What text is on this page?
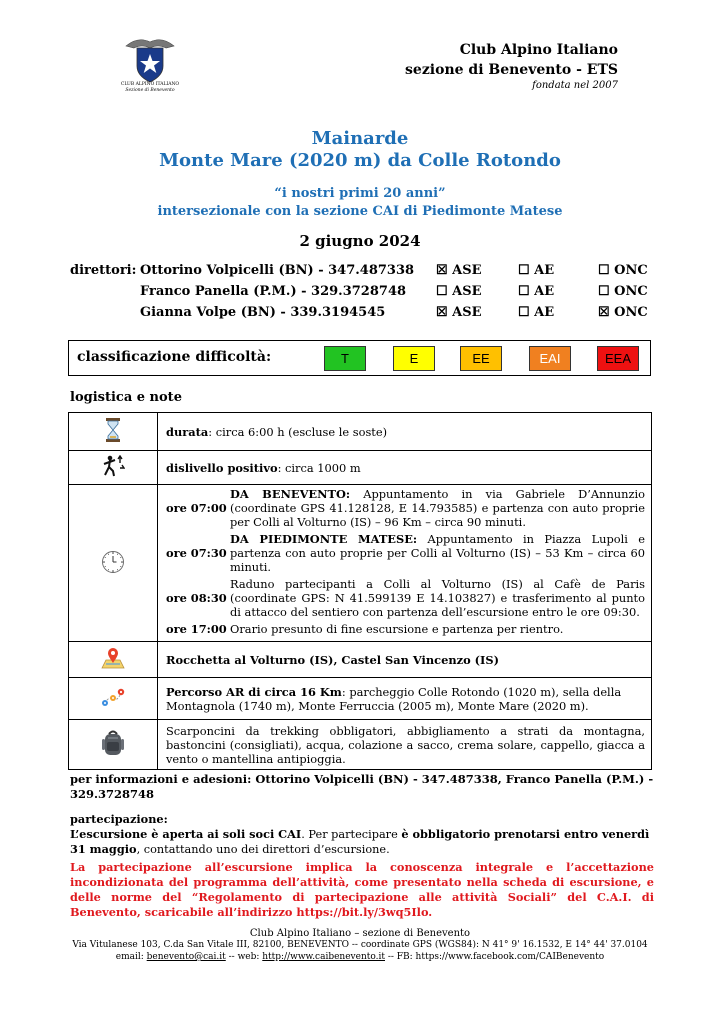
CLUB ALPINO ITALIANO
Sezione di Benevento
Club Alpino Italiano
sezione di Benevento - ETS
fondata nel 2007
Mainarde
Monte Mare (2020 m) da Colle Rotondo
“i nostri primi 20 anni”
intersezionale con la sezione CAI di Piedimonte Matese
2 giugno 2024
direttori: Ottorino Volpicelli (BN) - 347.487338 ☒ ASE	☐ AE	☐ ONC
Franco Panella (P.M.) - 329.3728748 ☐ ASE	☐ AE	☐ ONC
Gianna Volpe (BN) - 339.3194545	☒ ASE	☐ AE	☒ ONC
classificazione difficoltà:	T	E	EE	EAI	EEA
logistica e note
	durata: circa 6:00 h (escluse le soste)
	dislivello positivo: circa 1000 m

ore 07:00	DA BENEVENTO: Appuntamento in via Gabriele D’Annunzio (coordinate GPS 41.128128, E 14.793585) e partenza con auto proprie per Colli al Volturno (IS) – 96 Km – circa 90 minuti.
ore 07:30	DA PIEDIMONTE MATESE: Appuntamento in Piazza Lupoli e partenza con auto proprie per Colli al Volturno (IS) – 53 Km – circa 60 minuti.
ore 08:30	Raduno partecipanti a Colli al Volturno (IS) al Cafè de Paris (coordinate GPS: N 41.599139 E 14.103827) e trasferimento al punto di attacco del sentiero con partenza dell’escursione entro le ore 09:30.
ore 17:00	Orario presunto di fine escursione e partenza per rientro.

	Rocchetta al Volturno (IS), Castel San Vincenzo (IS)
	Percorso AR di circa 16 Km: parcheggio Colle Rotondo (1020 m), sella della Montagnola (1740 m), Monte Ferruccia (2005 m), Monte Mare (2020 m).
	Scarponcini da trekking obbligatori, abbigliamento a strati da montagna, bastoncini (consigliati), acqua, colazione a sacco, crema solare, cappello, giacca a vento o mantellina antipioggia.
per informazioni e adesioni: Ottorino Volpicelli (BN) - 347.487338, Franco Panella (P.M.) - 329.3728748
partecipazione:
L’escursione è aperta ai soli soci CAI. Per partecipare è obbligatorio prenotarsi entro venerdì 31 maggio, contattando uno dei direttori d’escursione.
La partecipazione all’escursione implica la conoscenza integrale e l’accettazione incondizionata del programma dell’attività, come presentato nella scheda di escursione, e delle norme del “Regolamento di partecipazione alle attività Sociali” del C.A.I. di Benevento, scaricabile all’indirizzo https://bit.ly/3wq5Ilo.
Club Alpino Italiano – sezione di Benevento
Via Vitulanese 103, C.da San Vitale III, 82100, BENEVENTO -- coordinate GPS (WGS84): N 41° 9' 16.1532, E 14° 44' 37.0104
email: benevento@cai.it -- web: http://www.caibenevento.it -- FB: https://www.facebook.com/CAIBenevento
